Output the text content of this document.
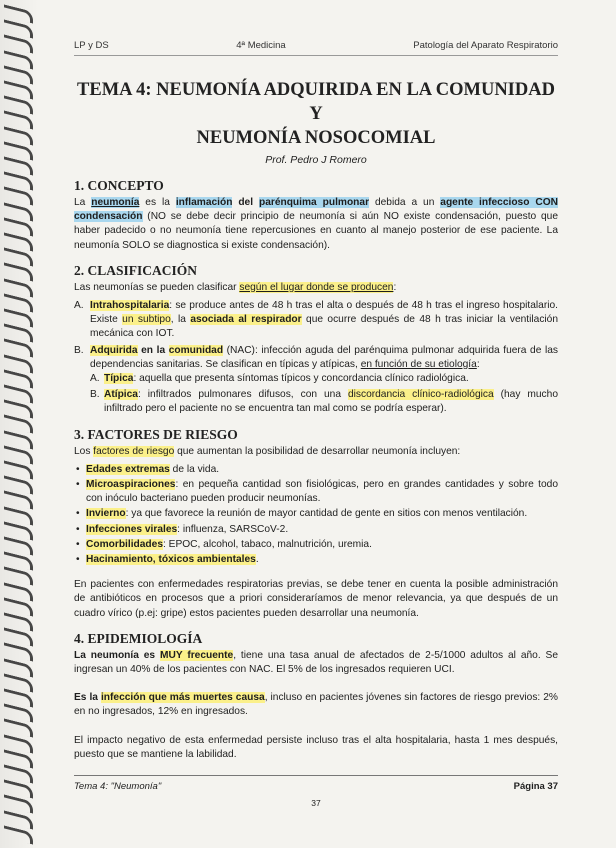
LP y DS	4ª Medicina	Patología del Aparato Respiratorio
TEMA 4: NEUMONÍA ADQUIRIDA EN LA COMUNIDAD Y
NEUMONÍA NOSOCOMIAL
Prof. Pedro J Romero
1. CONCEPTO

La neumonía es la inflamación del parénquima pulmonar debida a un agente infeccioso CON condensación (NO se debe decir principio de neumonía si aún NO existe condensación, puesto que haber padecido o no neumonía tiene repercusiones en cuanto al manejo posterior de ese paciente. La neumonía SOLO se diagnostica si existe condensación).

2. CLASIFICACIÓN

Las neumonías se pueden clasificar según el lugar donde se producen:

A. Intrahospitalaria: se produce antes de 48 h tras el alta o después de 48 h tras el ingreso hospitalario. Existe un subtipo, la asociada al respirador que ocurre después de 48 h tras iniciar la ventilación mecánica con IOT.
B. Adquirida en la comunidad (NAC): infección aguda del parénquima pulmonar adquirida fuera de las dependencias sanitarias. Se clasifican en típicas y atípicas, en función de su etiología:
A. Típica: aquella que presenta síntomas típicos y concordancia clínico radiológica.
B. Atípica: infiltrados pulmonares difusos, con una discordancia clínico-radiológica (hay mucho infiltrado pero el paciente no se encuentra tan mal como se podría esperar).
3. FACTORES DE RIESGO

Los factores de riesgo que aumentan la posibilidad de desarrollar neumonía incluyen:

• Edades extremas de la vida.
• Microaspiraciones: en pequeña cantidad son fisiológicas, pero en grandes cantidades y sobre todo con inóculo bacteriano pueden producir neumonías.
• Invierno: ya que favorece la reunión de mayor cantidad de gente en sitios con menos ventilación.
• Infecciones virales: influenza, SARSCoV-2.
• Comorbilidades: EPOC, alcohol, tabaco, malnutrición, uremia.
• Hacinamiento, tóxicos ambientales.

En pacientes con enfermedades respiratorias previas, se debe tener en cuenta la posible administración de antibióticos en procesos que a priori consideraríamos de menor relevancia, ya que después de un cuadro vírico (p.ej: gripe) estos pacientes pueden desarrollar una neumonía.

4. EPIDEMIOLOGÍA

La neumonía es MUY frecuente, tiene una tasa anual de afectados de 2-5/1000 adultos al año. Se ingresan un 40% de los pacientes con NAC. El 5% de los ingresados requieren UCI.

Es la infección que más muertes causa, incluso en pacientes jóvenes sin factores de riesgo previos: 2% en no ingresados, 12% en ingresados.

El impacto negativo de esta enfermedad persiste incluso tras el alta hospitalaria, hasta 1 mes después, puesto que se mantiene la labilidad.

Tema 4: "Neumonía"	Página 37
37
